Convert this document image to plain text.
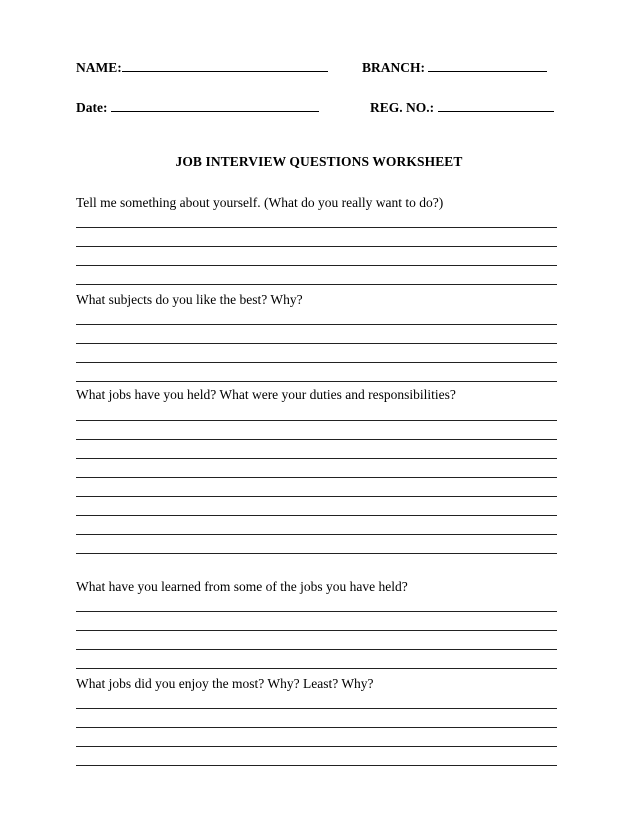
NAME:	BRANCH:
Date:	REG. NO.:
JOB INTERVIEW QUESTIONS WORKSHEET
Tell me something about yourself. (What do you really want to do?)
What subjects do you like the best? Why?
What jobs have you held? What were your duties and responsibilities?
What have you learned from some of the jobs you have held?
What jobs did you enjoy the most? Why? Least? Why?
